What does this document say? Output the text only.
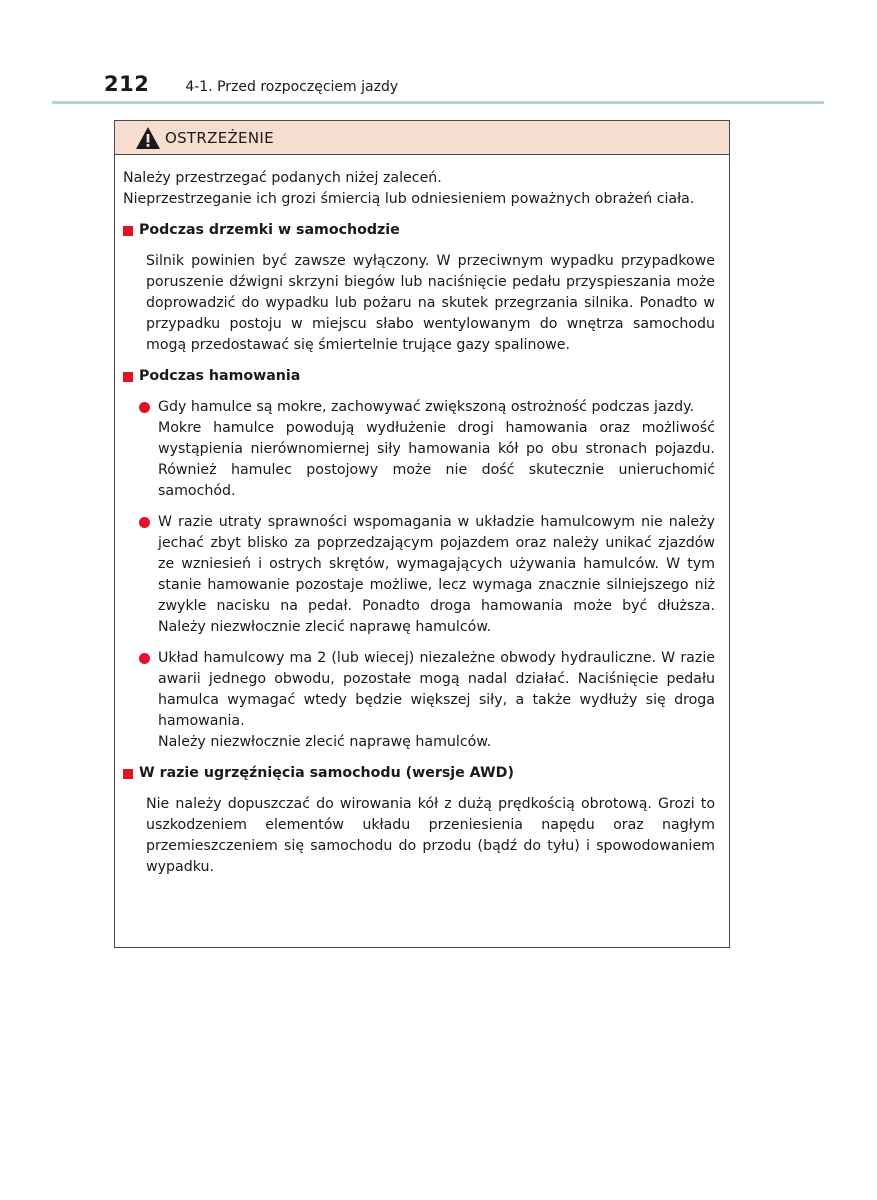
212	4-1. Przed rozpoczęciem jazdy
OSTRZEŻENIE

Należy przestrzegać podanych niżej zaleceń.

Nieprzestrzeganie ich grozi śmiercią lub odniesieniem poważnych obrażeń ciała.

Podczas drzemki w samochodzie

Silnik powinien być zawsze wyłączony. W przeciwnym wypadku przypadkowe poruszenie dźwigni skrzyni biegów lub naciśnięcie pedału przyspieszania może doprowadzić do wypadku lub pożaru na skutek przegrzania silnika. Ponadto w przypadku postoju w miejscu słabo wentylowanym do wnętrza samochodu mogą przedostawać się śmiertelnie trujące gazy spalinowe.

Podczas hamowania

Gdy hamulce są mokre, zachowywać zwiększoną ostrożność podczas jazdy.

Mokre hamulce powodują wydłużenie drogi hamowania oraz możliwość wystąpienia nierównomiernej siły hamowania kół po obu stronach pojazdu. Również hamulec postojowy może nie dość skutecznie unieruchomić samochód.

W razie utraty sprawności wspomagania w układzie hamulcowym nie należy jechać zbyt blisko za poprzedzającym pojazdem oraz należy unikać zjazdów ze wzniesień i ostrych skrętów, wymagających używania hamulców. W tym stanie hamowanie pozostaje możliwe, lecz wymaga znacznie silniejszego niż zwykle nacisku na pedał. Ponadto droga hamowania może być dłuższa. Należy niezwłocznie zlecić naprawę hamulców.

Układ hamulcowy ma 2 (lub wiecej) niezależne obwody hydrauliczne. W razie awarii jednego obwodu, pozostałe mogą nadal działać. Naciśnięcie pedału hamulca wymagać wtedy będzie większej siły, a także wydłuży się droga hamowania.

Należy niezwłocznie zlecić naprawę hamulców.

W razie ugrzęźnięcia samochodu (wersje AWD)

Nie należy dopuszczać do wirowania kół z dużą prędkością obrotową. Grozi to uszkodzeniem elementów układu przeniesienia napędu oraz nagłym przemieszczeniem się samochodu do przodu (bądź do tyłu) i spowodowaniem wypadku.
